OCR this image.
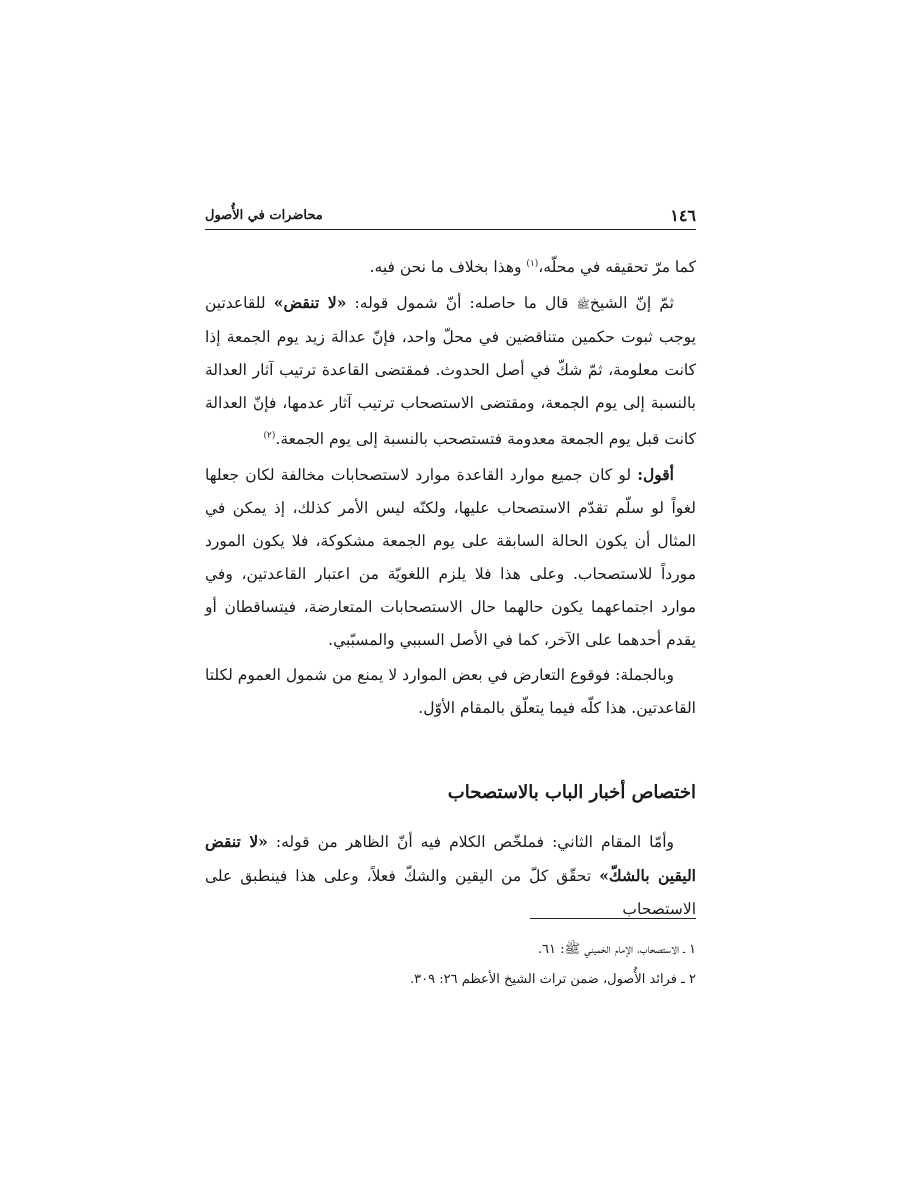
١٤٦
محاضرات في الأُصول

كما مرّ تحقيقه في محلّه،$^{(١)}$ وهذا بخلاف ما نحن فيه.

ثمّ إنّ الشيخﷺ قال ما حاصله: أنّ شمول قوله: «لا تنقض» للقاعدتين يوجب ثبوت حكمين متناقضين في محلّ واحد، فإنّ عدالة زيد يوم الجمعة إذا كانت معلومة، ثمّ شكّ في أصل الحدوث. فمقتضى القاعدة ترتيب آثار العدالة بالنسبة إلى يوم الجمعة، ومقتضى الاستصحاب ترتيب آثار عدمها، فإنّ العدالة كانت قبل يوم الجمعة معدومة فتستصحب بالنسبة إلى يوم الجمعة.$^{(٢)}$

أقول: لو كان جميع موارد القاعدة موارد لاستصحابات مخالفة لكان جعلها لغواً لو سلّم تقدّم الاستصحاب عليها، ولكنّه ليس الأمر كذلك، إذ يمكن في المثال أن يكون الحالة السابقة على يوم الجمعة مشكوكة، فلا يكون المورد مورداً للاستصحاب. وعلى هذا فلا يلزم اللغويّة من اعتبار القاعدتين، وفي موارد اجتماعهما يكون حالهما حال الاستصحابات المتعارضة، فيتساقطان أو يقدم أحدهما على الآخر، كما في الأصل السببي والمسبّبي.

وبالجملة: فوقوع التعارض في بعض الموارد لا يمنع من شمول العموم لكلتا القاعدتين. هذا كلّه فيما يتعلّق بالمقام الأوّل.

اختصاص أخبار الباب بالاستصحاب

وأمّا المقام الثاني: فملخّص الكلام فيه أنّ الظاهر من قوله: «لا تنقض اليقين بالشكّ» تحقّق كلّ من اليقين والشكّ فعلاً، وعلى هذا فينطبق على الاستصحاب

١ ـ الاستصحاب، الإمام الخميني ﷺ: ٦١.
٢ ـ فرائد الأُصول، ضمن تراث الشيخ الأعظم ٢٦: ٣٠٩.
